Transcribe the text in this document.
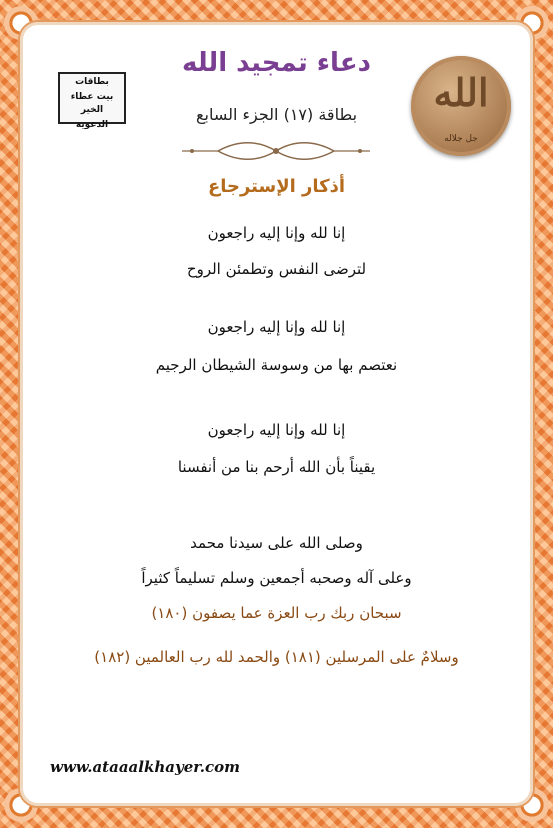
دعاء تمجيد الله
بطاقة (١٧) الجزء السابع
بطاقات
بيت عطاء الخير
الدعوية
الله
جل جلاله
أذكار الإسترجاع
إنا لله وإنا إليه راجعون
لترضى النفس وتطمئن الروح
إنا لله وإنا إليه راجعون
نعتصم بها من وسوسة الشيطان الرجيم
إنا لله وإنا إليه راجعون
يقيناً بأن الله أرحم بنا من أنفسنا
وصلى الله على سيدنا محمد
وعلى آله وصحبه أجمعين وسلم تسليماً كثيراً
سبحان ربك رب العزة عما يصفون (١٨٠)
وسلامٌ على المرسلين (١٨١) والحمد لله رب العالمين (١٨٢)
www.ataaalkhayer.com
